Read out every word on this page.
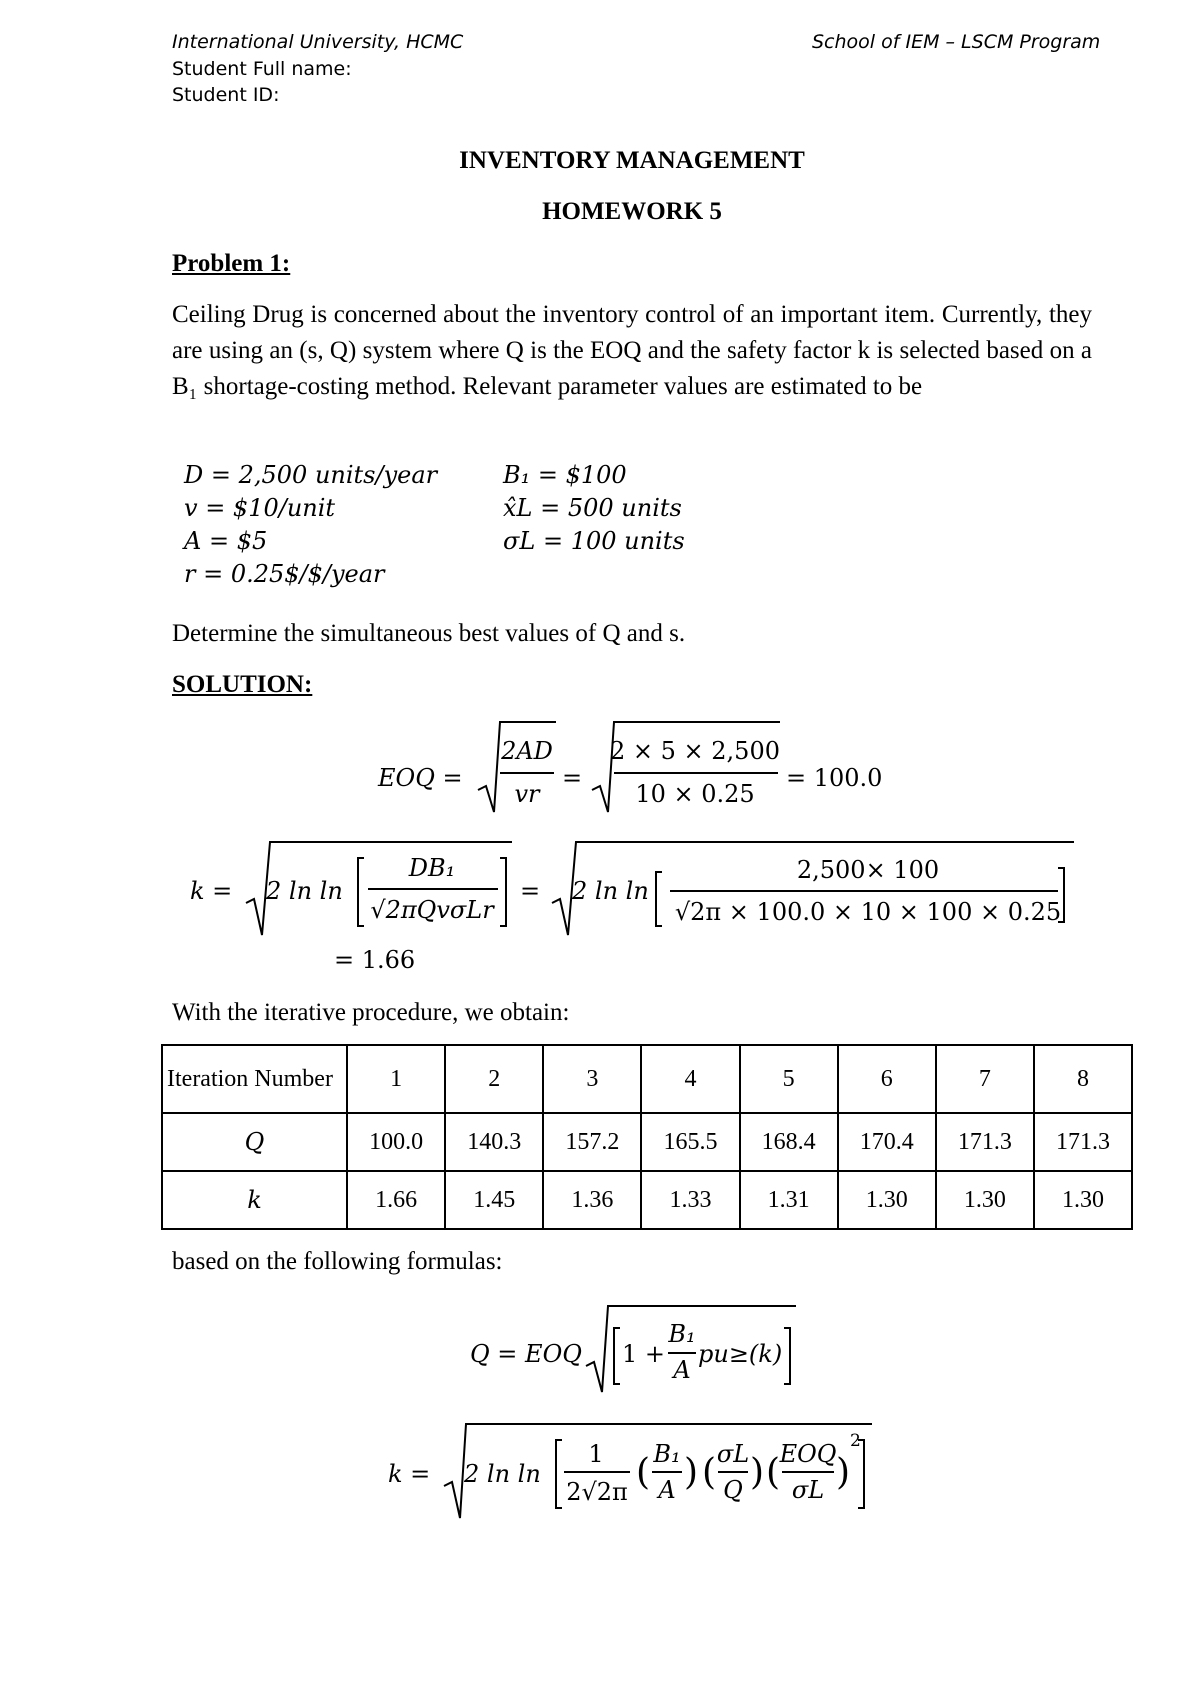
International University, HCMC	School of IEM – LSCM Program
Student Full name:
Student ID:
INVENTORY MANAGEMENT
HOMEWORK 5
Problem 1:
Ceiling Drug is concerned about the inventory control of an important item. Currently, they are using an (s, Q) system where Q is the EOQ and the safety factor k is selected based on a B₁ shortage-costing method. Relevant parameter values are estimated to be
D = 2,500 units/year
v = $10/unit
A = $5
r = 0.25$/$/year
B₁ = $100
x̂L = 500 units
σL = 100 units
Determine the simultaneous best values of Q and s.
SOLUTION:
EOQ =
2AD
vr
=
2 × 5 × 2,500
10 × 0.25
= 100.0
k = 2 ln ln
DB₁
√2πQvσLr
= 2 ln ln
2,500× 100
√2π × 100.0 × 10 × 100 × 0.25
= 1.66
Q = EOQ 1 +
B₁
A
pu≥(k)
k = 2 ln ln
1
2√2π ( B₁
A ) ( σL
Q ) ( EOQ
σL )
2
With the iterative procedure, we obtain:
Iteration Number	1	2	3	4	5	6	7	8
Q	100.0	140.3	157.2	165.5	168.4	170.4	171.3	171.3
k	1.66	1.45	1.36	1.33	1.31	1.30	1.30	1.30
based on the following formulas:
